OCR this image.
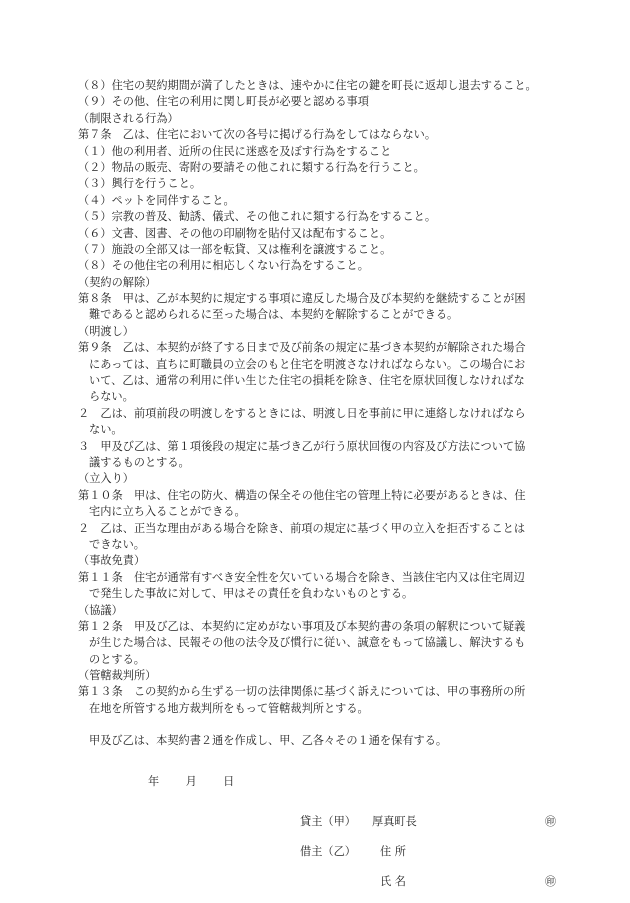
（８）住宅の契約期間が満了したときは、速やかに住宅の鍵を町長に返却し退去すること。
（９）その他、住宅の利用に関し町長が必要と認める事項
（制限される行為）
第７条　乙は、住宅において次の各号に掲げる行為をしてはならない。
（１）他の利用者、近所の住民に迷惑を及ぼす行為をすること
（２）物品の販売、寄附の要請その他これに類する行為を行うこと。
（３）興行を行うこと。
（４）ペットを同伴すること。
（５）宗教の普及、勧誘、儀式、その他これに類する行為をすること。
（６）文書、図書、その他の印刷物を貼付又は配布すること。
（７）施設の全部又は一部を転貸、又は権利を譲渡すること。
（８）その他住宅の利用に相応しくない行為をすること。
（契約の解除）
第８条　甲は、乙が本契約に規定する事項に違反した場合及び本契約を継続することが困
難であると認められるに至った場合は、本契約を解除することができる。
（明渡し）
第９条　乙は、本契約が終了する日まで及び前条の規定に基づき本契約が解除された場合
にあっては、直ちに町職員の立会のもと住宅を明渡さなければならない。この場合にお
いて、乙は、通常の利用に伴い生じた住宅の損耗を除き、住宅を原状回復しなければな
らない。
２　乙は、前項前段の明渡しをするときには、明渡し日を事前に甲に連絡しなければなら
ない。
３　甲及び乙は、第１項後段の規定に基づき乙が行う原状回復の内容及び方法について協
議するものとする。
（立入り）
第１０条　甲は、住宅の防火、構造の保全その他住宅の管理上特に必要があるときは、住
宅内に立ち入ることができる。
２　乙は、正当な理由がある場合を除き、前項の規定に基づく甲の立入を拒否することは
できない。
（事故免責）
第１１条　住宅が通常有すべき安全性を欠いている場合を除き、当該住宅内又は住宅周辺
で発生した事故に対して、甲はその責任を負わないものとする。
（協議）
第１２条　甲及び乙は、本契約に定めがない事項及び本契約書の条項の解釈について疑義
が生じた場合は、民報その他の法令及び慣行に従い、誠意をもって協議し、解決するも
のとする。
（管轄裁判所）
第１３条　この契約から生ずる一切の法律関係に基づく訴えについては、甲の事務所の所
在地を所管する地方裁判所をもって管轄裁判所とする。
甲及び乙は、本契約書２通を作成し、甲、乙各々その１通を保有する。
年 月 日
貸主（甲） 厚真町長	㊞
借主（乙） 住 所
氏 名	㊞
